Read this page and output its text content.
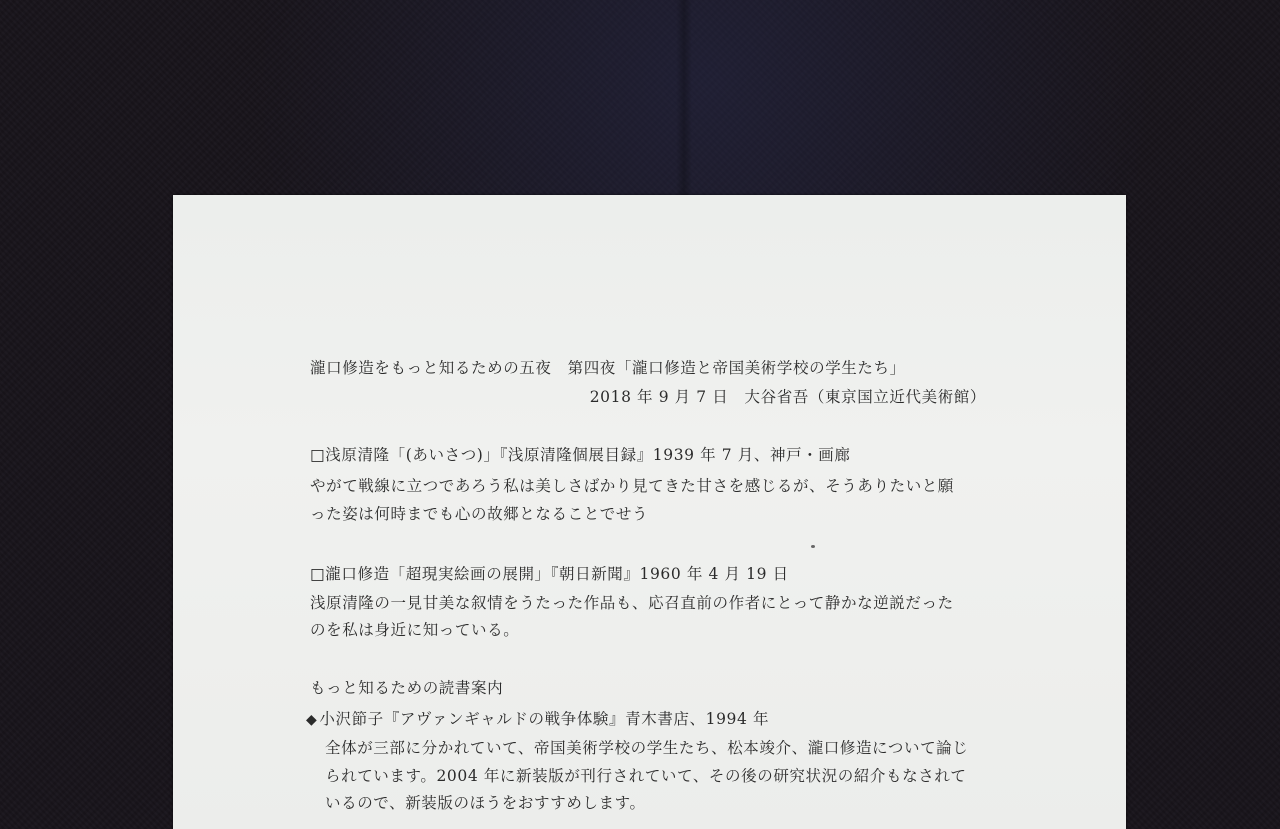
瀧口修造をもっと知るための五夜　第四夜「瀧口修造と帝国美術学校の学生たち」
2018 年 9 月 7 日　大谷省吾（東京国立近代美術館）
□浅原清隆「(あいさつ)」『浅原清隆個展目録』1939 年 7 月、神戸・画廊
やがて戦線に立つであろう私は美しさばかり見てきた甘さを感じるが、そうありたいと願
った姿は何時までも心の故郷となることでせう
□瀧口修造「超現実絵画の展開」『朝日新聞』1960 年 4 月 19 日
浅原清隆の一見甘美な叙情をうたった作品も、応召直前の作者にとって静かな逆説だった
のを私は身近に知っている。
もっと知るための読書案内
◆ 小沢節子『アヴァンギャルドの戦争体験』青木書店、1994 年
全体が三部に分かれていて、帝国美術学校の学生たち、松本竣介、瀧口修造について論じ
られています。2004 年に新装版が刊行されていて、その後の研究状況の紹介もなされて
いるので、新装版のほうをおすすめします。
